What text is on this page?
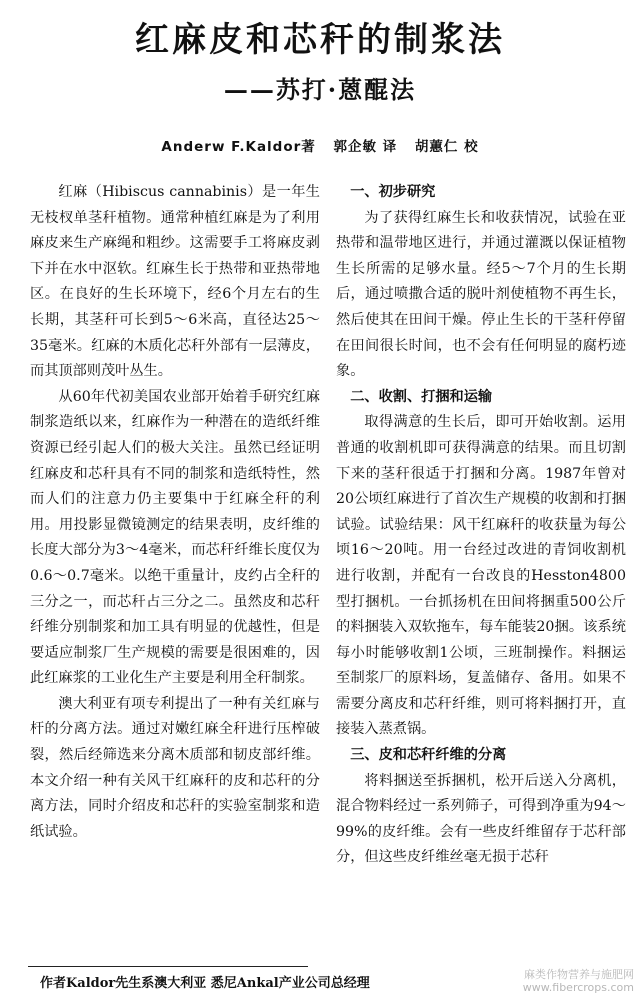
红麻皮和芯秆的制浆法
——苏打·蒽醌法
Anderw F.Kaldor著 郭企敏 译 胡蕙仁 校

红麻（Hibiscus cannabinis）是一年生无枝杈单茎秆植物。通常种植红麻是为了利用麻皮来生产麻绳和粗纱。这需要手工将麻皮剥下并在水中沤软。红麻生长于热带和亚热带地区。在良好的生长环境下，经6个月左右的生长期，其茎秆可长到5～6米高，直径达25～35毫米。红麻的木质化芯秆外部有一层薄皮，而其顶部则茂叶丛生。

从60年代初美国农业部开始着手研究红麻制浆造纸以来，红麻作为一种潜在的造纸纤维资源已经引起人们的极大关注。虽然已经证明红麻皮和芯秆具有不同的制浆和造纸特性，然而人们的注意力仍主要集中于红麻全秆的利用。用投影显微镜测定的结果表明，皮纤维的长度大部分为3～4毫米，而芯秆纤维长度仅为0.6～0.7毫米。以绝干重量计，皮约占全秆的三分之一，而芯秆占三分之二。虽然皮和芯秆纤维分别制浆和加工具有明显的优越性，但是要适应制浆厂生产规模的需要是很困难的，因此红麻浆的工业化生产主要是利用全秆制浆。

澳大利亚有项专利提出了一种有关红麻与杆的分离方法。通过对嫩红麻全秆进行压榨破裂，然后经筛选来分离木质部和韧皮部纤维。本文介绍一种有关风干红麻秆的皮和芯秆的分离方法，同时介绍皮和芯秆的实验室制浆和造纸试验。

一、初步研究

为了获得红麻生长和收获情况，试验在亚热带和温带地区进行，并通过灌溉以保证植物生长所需的足够水量。经5～7个月的生长期后，通过喷撒合适的脱叶剂使植物不再生长，然后使其在田间干燥。停止生长的干茎秆停留在田间很长时间，也不会有任何明显的腐朽迹象。

二、收割、打捆和运输

取得满意的生长后，即可开始收割。运用普通的收割机即可获得满意的结果。而且切割下来的茎秆很适于打捆和分离。1987年曾对20公顷红麻进行了首次生产规模的收割和打捆试验。试验结果：风干红麻秆的收获量为每公顷16～20吨。用一台经过改进的青饲收割机进行收割，并配有一台改良的Hesston4800型打捆机。一台抓扬机在田间将捆重500公斤的料捆装入双软拖车，每车能装20捆。该系统每小时能够收割1公顷，三班制操作。料捆运至制浆厂的原料场，复盖储存、备用。如果不需要分离皮和芯秆纤维，则可将料捆打开，直接装入蒸煮锅。

三、皮和芯秆纤维的分离

将料捆送至拆捆机，松开后送入分离机，混合物料经过一系列筛子，可得到净重为94～99%的皮纤维。会有一些皮纤维留存于芯秆部分，但这些皮纤维丝毫无损于芯秆

作者Kaldor先生系澳大利亚 悉尼Ankal产业公司总经理
麻类作物营养与施肥网
www.fibercrops.com
